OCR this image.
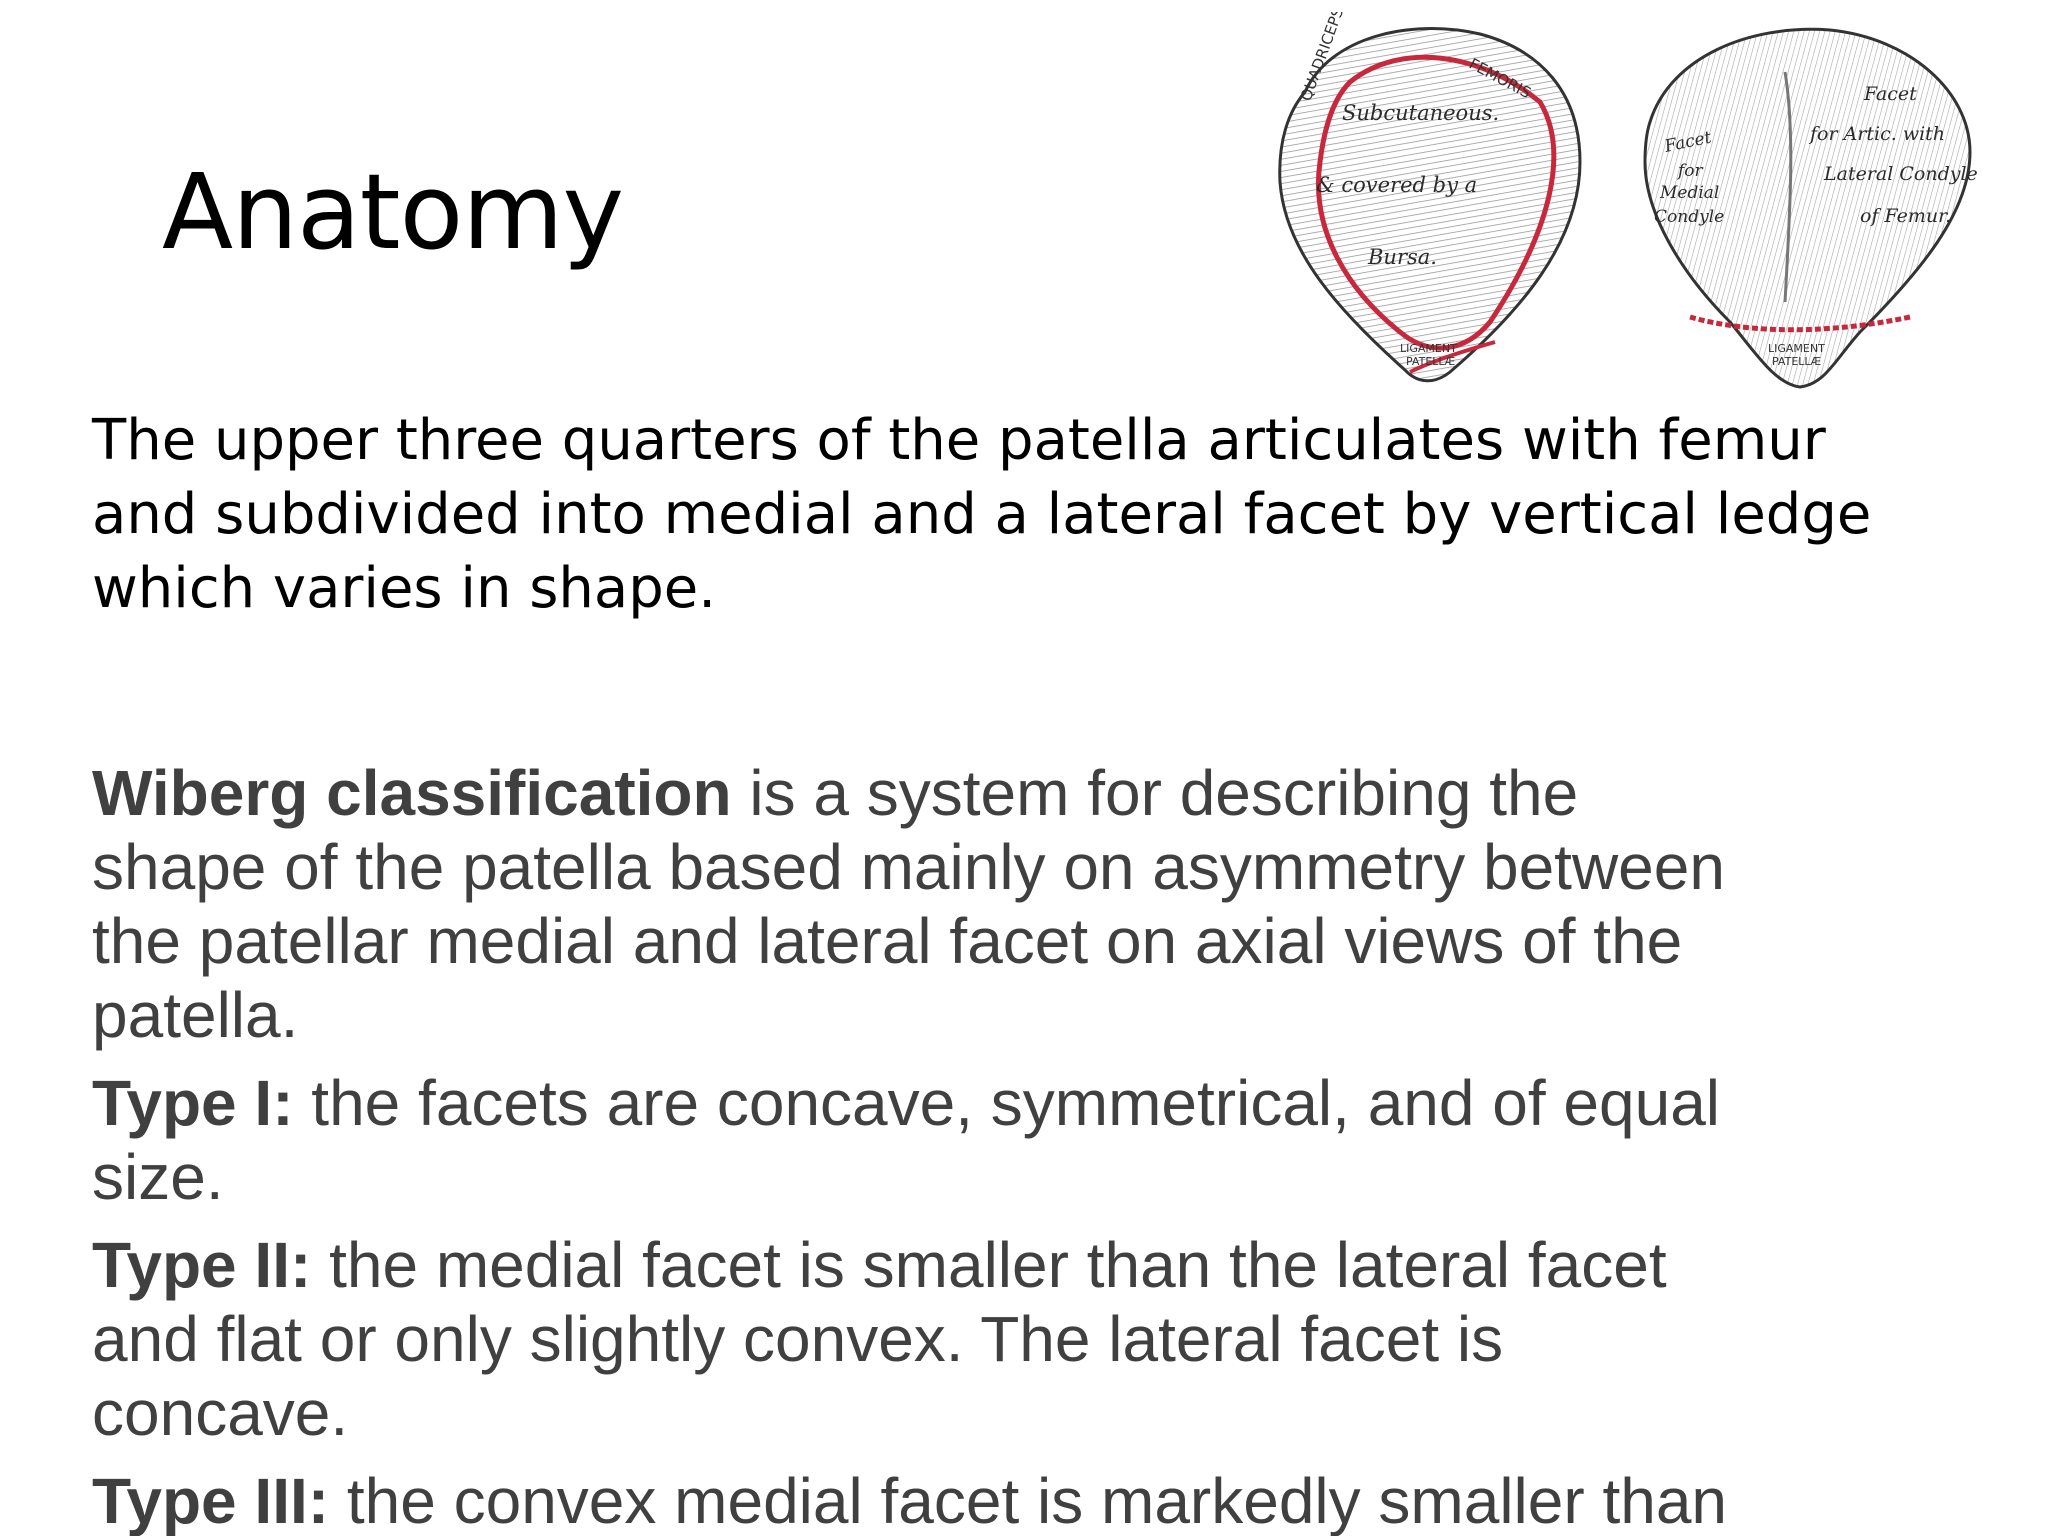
Anatomy
QUADRICEPS	FEMORIS
Subcutaneous.
& covered by a
Bursa.
LIGAMENT
PATELLÆ
Facet
for Artic. with
Lateral Condyle
of Femur.
Facet
for
Medial
Condyle
LIGAMENT
PATELLÆ
The upper three quarters of the patella articulates with femur
and subdivided into medial and a lateral facet by vertical ledge
which varies in shape.
Wiberg classification is a system for describing the
shape of the patella based mainly on asymmetry between
the patellar medial and lateral facet on axial views of the
patella.
Type I: the facets are concave, symmetrical, and of equal
size.
Type II: the medial facet is smaller than the lateral facet
and flat or only slightly convex. The lateral facet is
concave.
Type III: the convex medial facet is markedly smaller than
